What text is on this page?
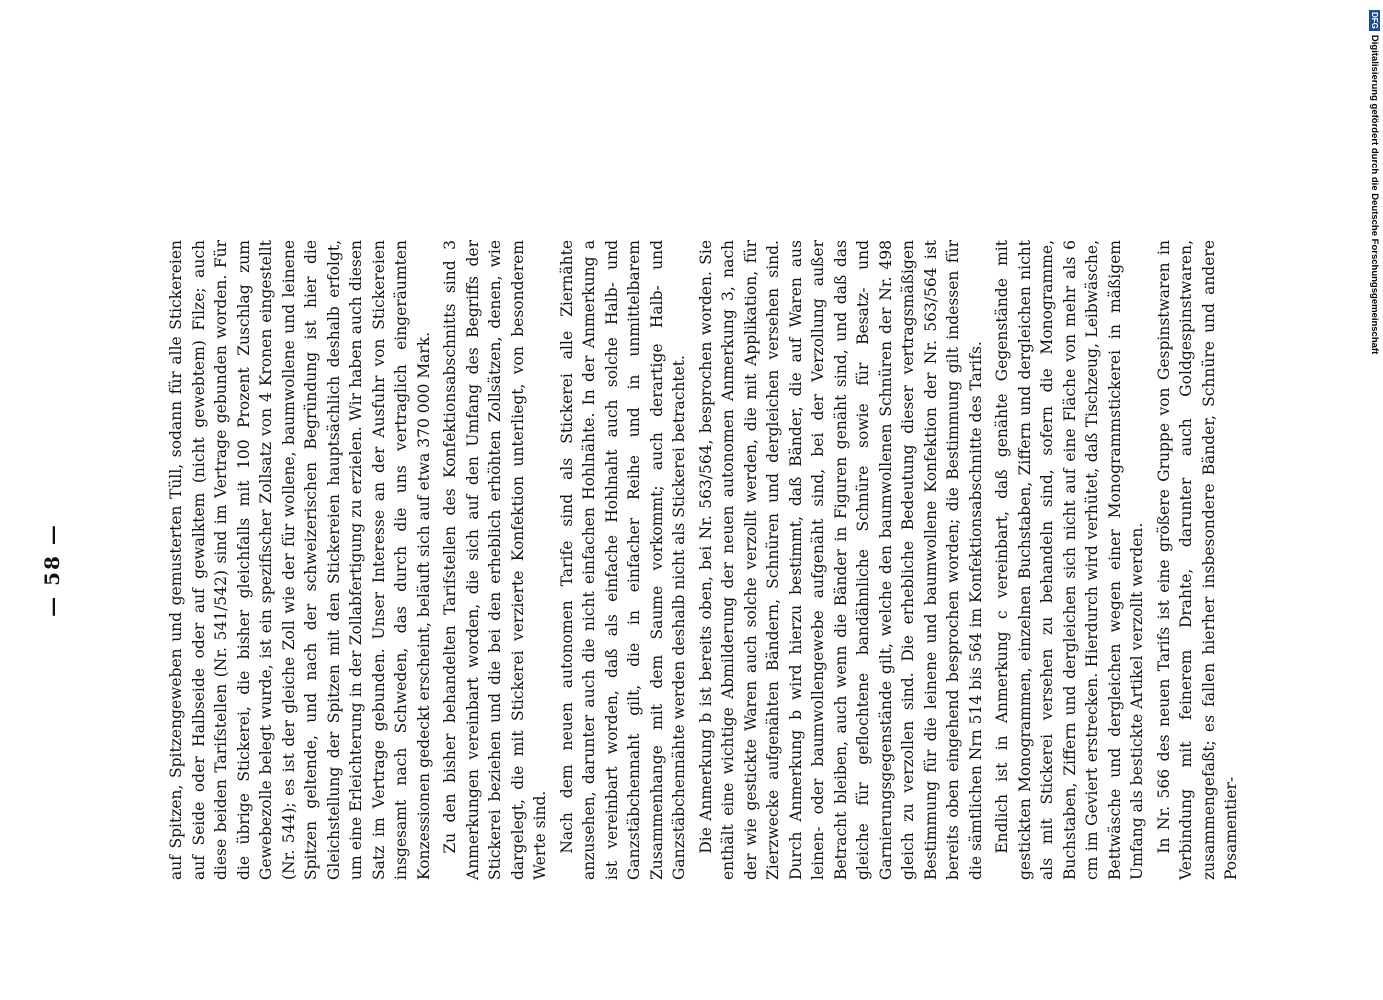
— 58 —	auf Spitzen, Spitzengeweben und gemusterten Tüll, sodann für alle Stickereien auf Seide oder Halbseide oder auf gewalktem (nicht gewebtem) Filze; auch diese beiden Tarifstellen (Nr. 541/542) sind im Vertrage gebunden worden. Für die übrige Stickerei, die bisher gleichfalls mit 100 Prozent Zuschlag zum Gewebezolle belegt wurde, ist ein spezifischer Zollsatz von 4 Kronen eingestellt (Nr. 544); es ist der gleiche Zoll wie der für wollene, baumwollene und leinene Spitzen geltende, und nach der schweizerischen Begründung ist hier die Gleichstellung der Spitzen mit den Stickereien hauptsächlich deshalb erfolgt, um eine Erleichterung in der Zollabfertigung zu erzielen. Wir haben auch diesen Satz im Vertrage gebunden. Unser Interesse an der Ausfuhr von Stickereien insgesamt nach Schweden, das durch die uns vertraglich eingeräumten Konzessionen gedeckt erscheint, beläuft sich auf etwa 370 000 Mark. Zu den bisher behandelten Tarifstellen des Konfektionsabschnitts sind 3 Anmerkungen vereinbart worden, die sich auf den Umfang des Begriffs der Stickerei beziehen und die bei den erheblich erhöhten Zollsätzen, denen, wie dargelegt, die mit Stickerei verzierte Konfektion unterliegt, von besonderem Werte sind. Nach dem neuen autonomen Tarife sind als Stickerei alle Ziernähte anzusehen, darunter auch die nicht einfachen Hohlnähte. In der Anmerkung a ist vereinbart worden, daß als einfache Hohlnaht auch solche Halb- und Ganzstäbchennaht gilt, die in einfacher Reihe und in unmittelbarem Zusammenhange mit dem Saume vorkommt; auch derartige Halb- und Ganzstäbchennähte werden deshalb nicht als Stickerei betrachtet. Die Anmerkung b ist bereits oben, bei Nr. 563/564, besprochen worden. Sie enthält eine wichtige Abmilderung der neuen autonomen Anmerkung 3, nach der wie gestickte Waren auch solche verzollt werden, die mit Applikation, für Zierzwecke aufgenähten Bändern, Schnüren und dergleichen versehen sind. Durch Anmerkung b wird hierzu bestimmt, daß Bänder, die auf Waren aus leinen- oder baumwollengewebe aufgenäht sind, bei der Verzollung außer Betracht bleiben, auch wenn die Bänder in Figuren genäht sind, und daß das gleiche für geflochtene bandähnliche Schnüre sowie für Besatz- und Garnierungsgegenstände gilt, welche den baumwollenen Schnüren der Nr. 498 gleich zu verzollen sind. Die erhebliche Bedeutung dieser vertragsmäßigen Bestimmung für die leinene und baumwollene Konfektion der Nr. 563/564 ist bereits oben eingehend besprochen worden; die Bestimmung gilt indessen für die sämtlichen Nrn 514 bis 564 im Konfektionsabschnitte des Tarifs. Endlich ist in Anmerkung c vereinbart, daß genähte Gegenstände mit gestickten Monogrammen, einzelnen Buchstaben, Ziffern und dergleichen nicht als mit Stickerei versehen zu behandeln sind, sofern die Monogramme, Buchstaben, Ziffern und dergleichen sich nicht auf eine Fläche von mehr als 6 cm im Geviert erstrecken. Hierdurch wird verhütet, daß Tischzeug, Leibwäsche, Bettwäsche und dergleichen wegen einer Monogrammstickerei in mäßigem Umfang als bestickte Artikel verzollt werden. In Nr. 566 des neuen Tarifs ist eine größere Gruppe von Gespinstwaren in Verbindung mit feinerem Drahte, darunter auch Goldgespinstwaren, zusammengefaßt; es fallen hierher insbesondere Bänder, Schnüre und andere Posamentier-

DFG
Digitalisierung gefördert durch die Deutsche Forschungsgemeinschaft
